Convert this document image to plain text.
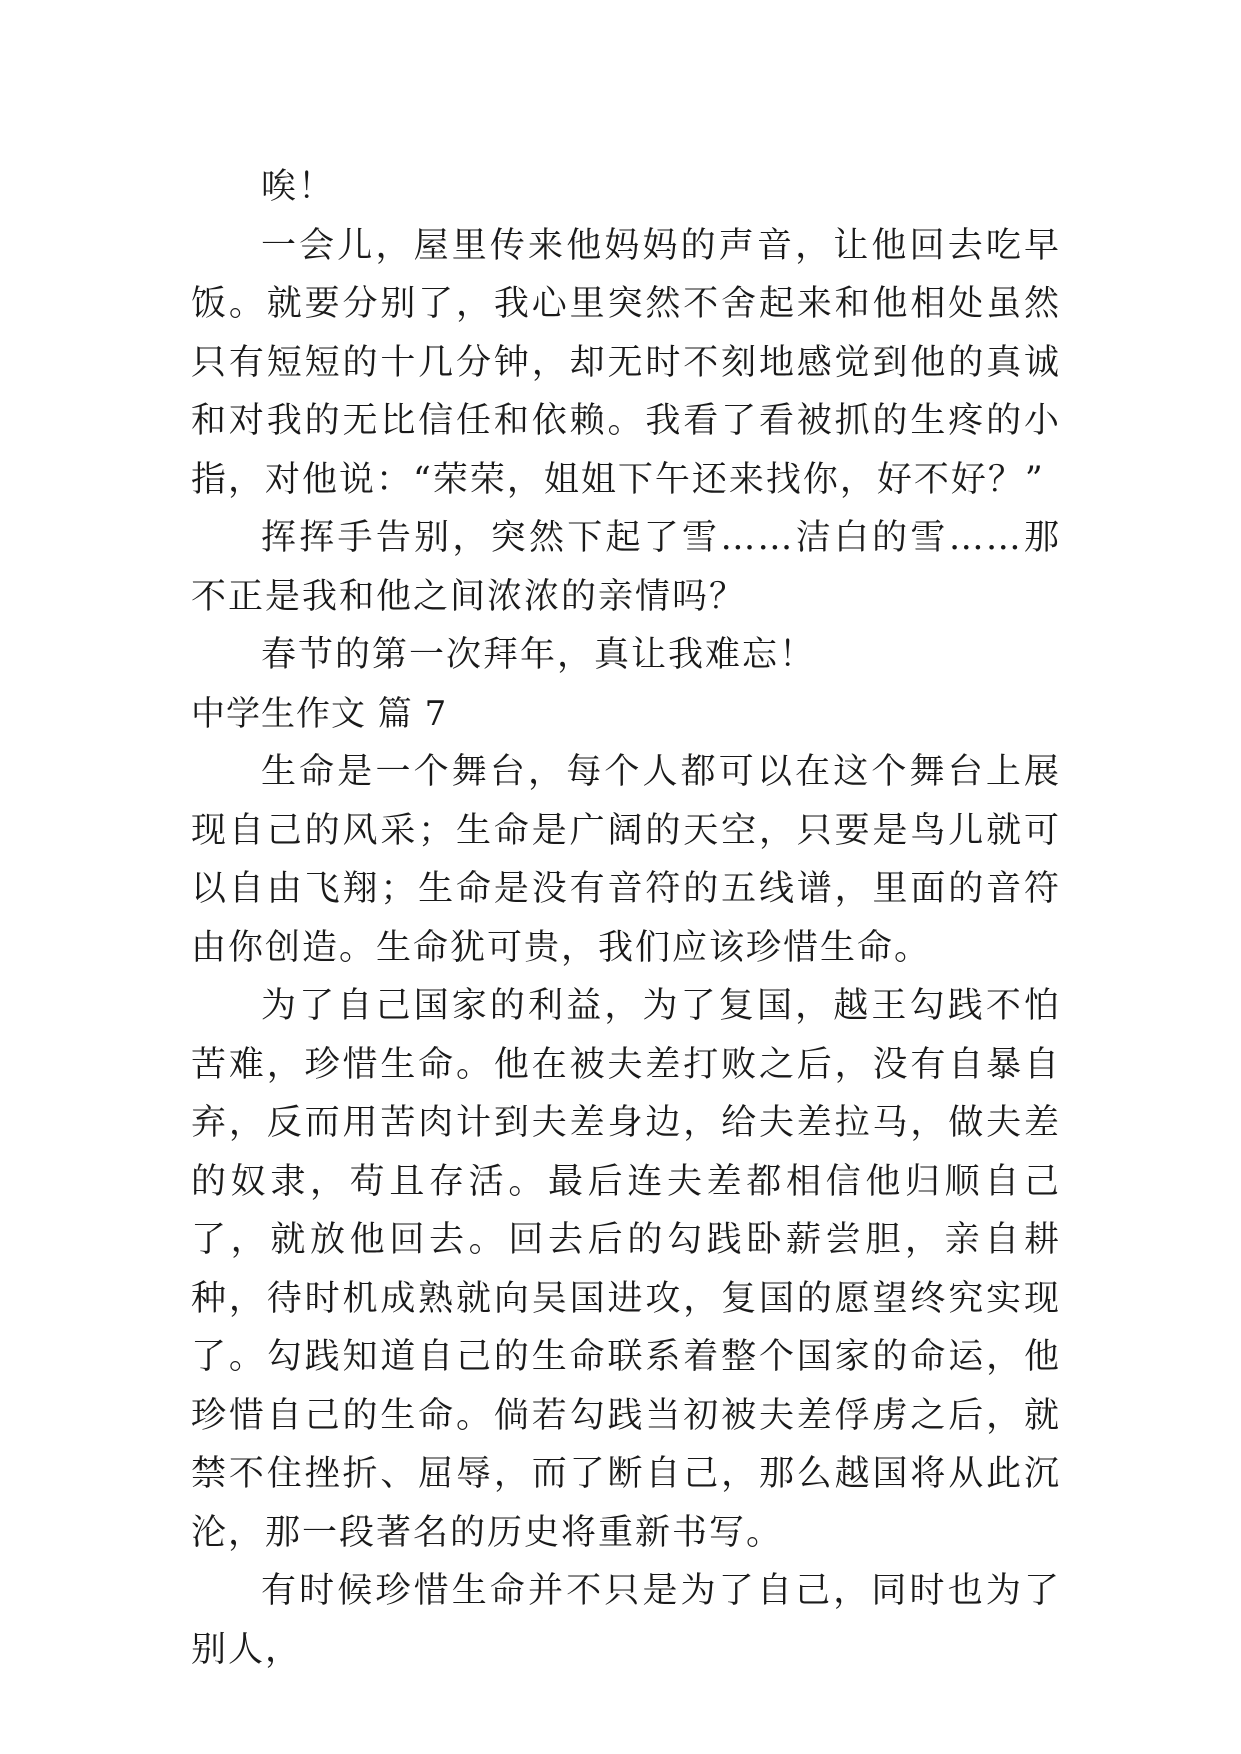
唉！

一会儿，屋里传来他妈妈的声音，让他回去吃早饭。就要分别了，我心里突然不舍起来和他相处虽然只有短短的十几分钟，却无时不刻地感觉到他的真诚和对我的无比信任和依赖。我看了看被抓的生疼的小指，对他说：“荣荣，姐姐下午还来找你，好不好？”

挥挥手告别，突然下起了雪……洁白的雪……那不正是我和他之间浓浓的亲情吗？

春节的第一次拜年，真让我难忘！

中学生作文 篇 7

生命是一个舞台，每个人都可以在这个舞台上展现自己的风采；生命是广阔的天空，只要是鸟儿就可以自由飞翔；生命是没有音符的五线谱，里面的音符由你创造。生命犹可贵，我们应该珍惜生命。

为了自己国家的利益，为了复国，越王勾践不怕苦难，珍惜生命。他在被夫差打败之后，没有自暴自弃，反而用苦肉计到夫差身边，给夫差拉马，做夫差的奴隶，苟且存活。最后连夫差都相信他归顺自己了，就放他回去。回去后的勾践卧薪尝胆，亲自耕种，待时机成熟就向吴国进攻，复国的愿望终究实现了。勾践知道自己的生命联系着整个国家的命运，他珍惜自己的生命。倘若勾践当初被夫差俘虏之后，就禁不住挫折、屈辱，而了断自己，那么越国将从此沉沦，那一段著名的历史将重新书写。

有时候珍惜生命并不只是为了自己，同时也为了别人，
